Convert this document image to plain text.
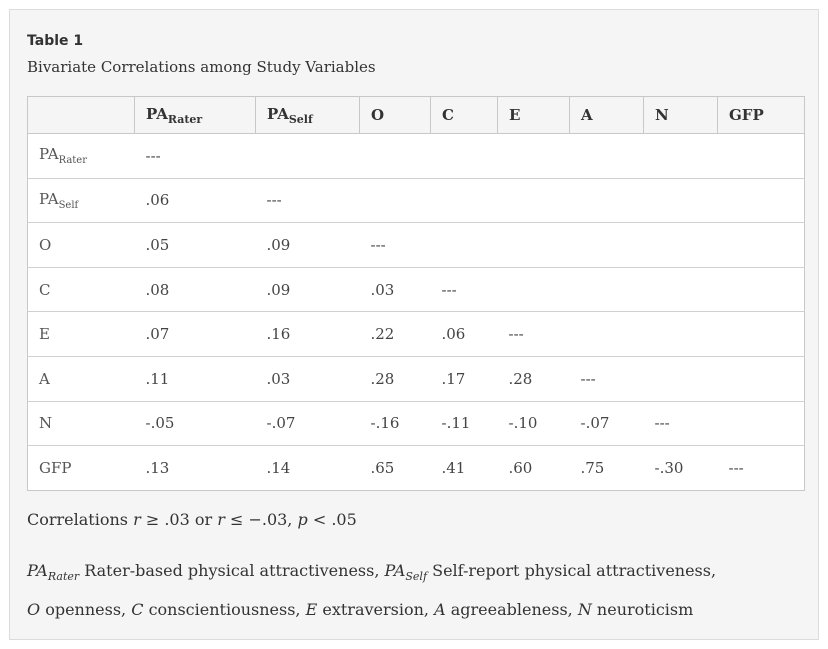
Table 1
Bivariate Correlations among Study Variables
	$PA_{Rater}$	$PA_{Self}$	O	C	E	A	N	GFP
$PA_{Rater}$	---							
$PA_{Self}$	.06	---						
O	.05	.09	---					
C	.08	.09	.03	---				
E	.07	.16	.22	.06	---			
A	.11	.03	.28	.17	.28	---		
N	-.05	-.07	-.16	-.11	-.10	-.07	---	
GFP	.13	.14	.65	.41	.60	.75	-.30	---
Correlations r ≥ .03 or r ≤ −.03, p < .05
$PA_{Rater}$ Rater-based physical attractiveness, $PA_{Self}$ Self-report physical attractiveness,
O openness, C conscientiousness, E extraversion, A agreeableness, N neuroticism
